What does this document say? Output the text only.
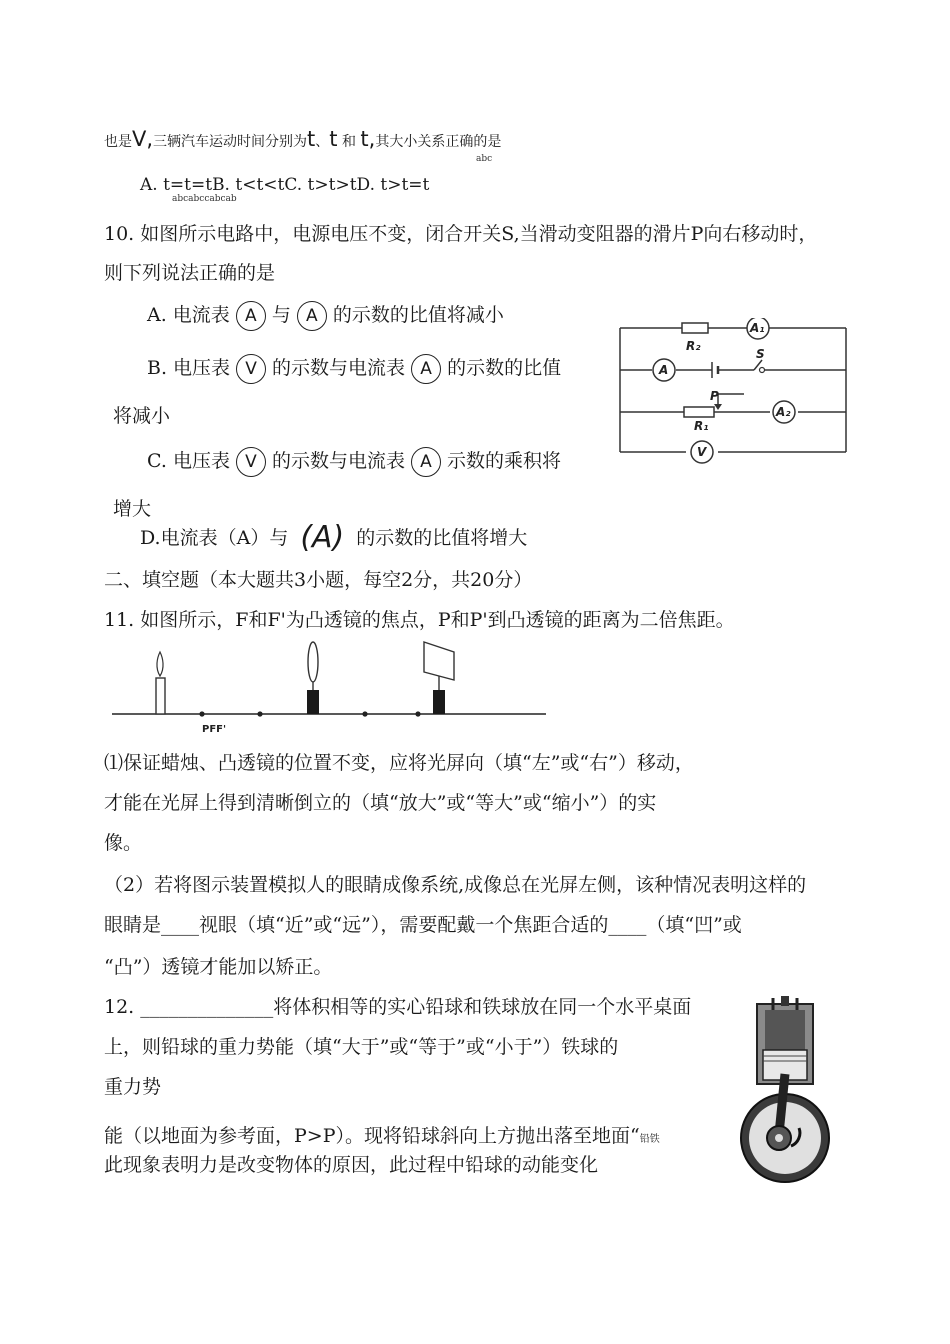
也是V,三辆汽车运动时间分别为t、t 和 t,其大小关系正确的是
abc
A. t=t=tB. t<t<tC. t>t>tD. t>t=t
abcabccabcab
10. 如图所示电路中，电源电压不变，闭合开关S,当滑动变阻器的滑片P向右移动时，
则下列说法正确的是
A. 电流表 A 与 A 的示数的比值将减小
B. 电压表 V 的示数与电流表 A 的示数的比值
将减小
C. 电压表 V 的示数与电流表 A 示数的乘积将
增大
D.电流表（A）与 (A) 的示数的比值将增大
R₂
A₁
S
A
P
R₁
A₂
V
二、填空题（本大题共3小题，每空2分，共20分）
11. 如图所示，F和F'为凸透镜的焦点，P和P'到凸透镜的距离为二倍焦距。
PFF'
⑴保证蜡烛、凸透镜的位置不变，应将光屏向（填“左”或“右”）移动，
才能在光屏上得到清晰倒立的（填“放大”或“等大”或“缩小”）的实
像。
（2）若将图示装置模拟人的眼睛成像系统,成像总在光屏左侧，该种情况表明这样的
眼睛是____视眼（填“近”或“远”），需要配戴一个焦距合适的____（填“凹”或
“凸”）透镜才能加以矫正。
12. ______________将体积相等的实心铅球和铁球放在同一个水平桌面
上，则铅球的重力势能（填“大于”或“等于”或“小于”）铁球的
重力势
能（以地面为参考面，P>P）。现将铅球斜向上方抛出落至地面“铅铁
此现象表明力是改变物体的原因，此过程中铅球的动能变化
